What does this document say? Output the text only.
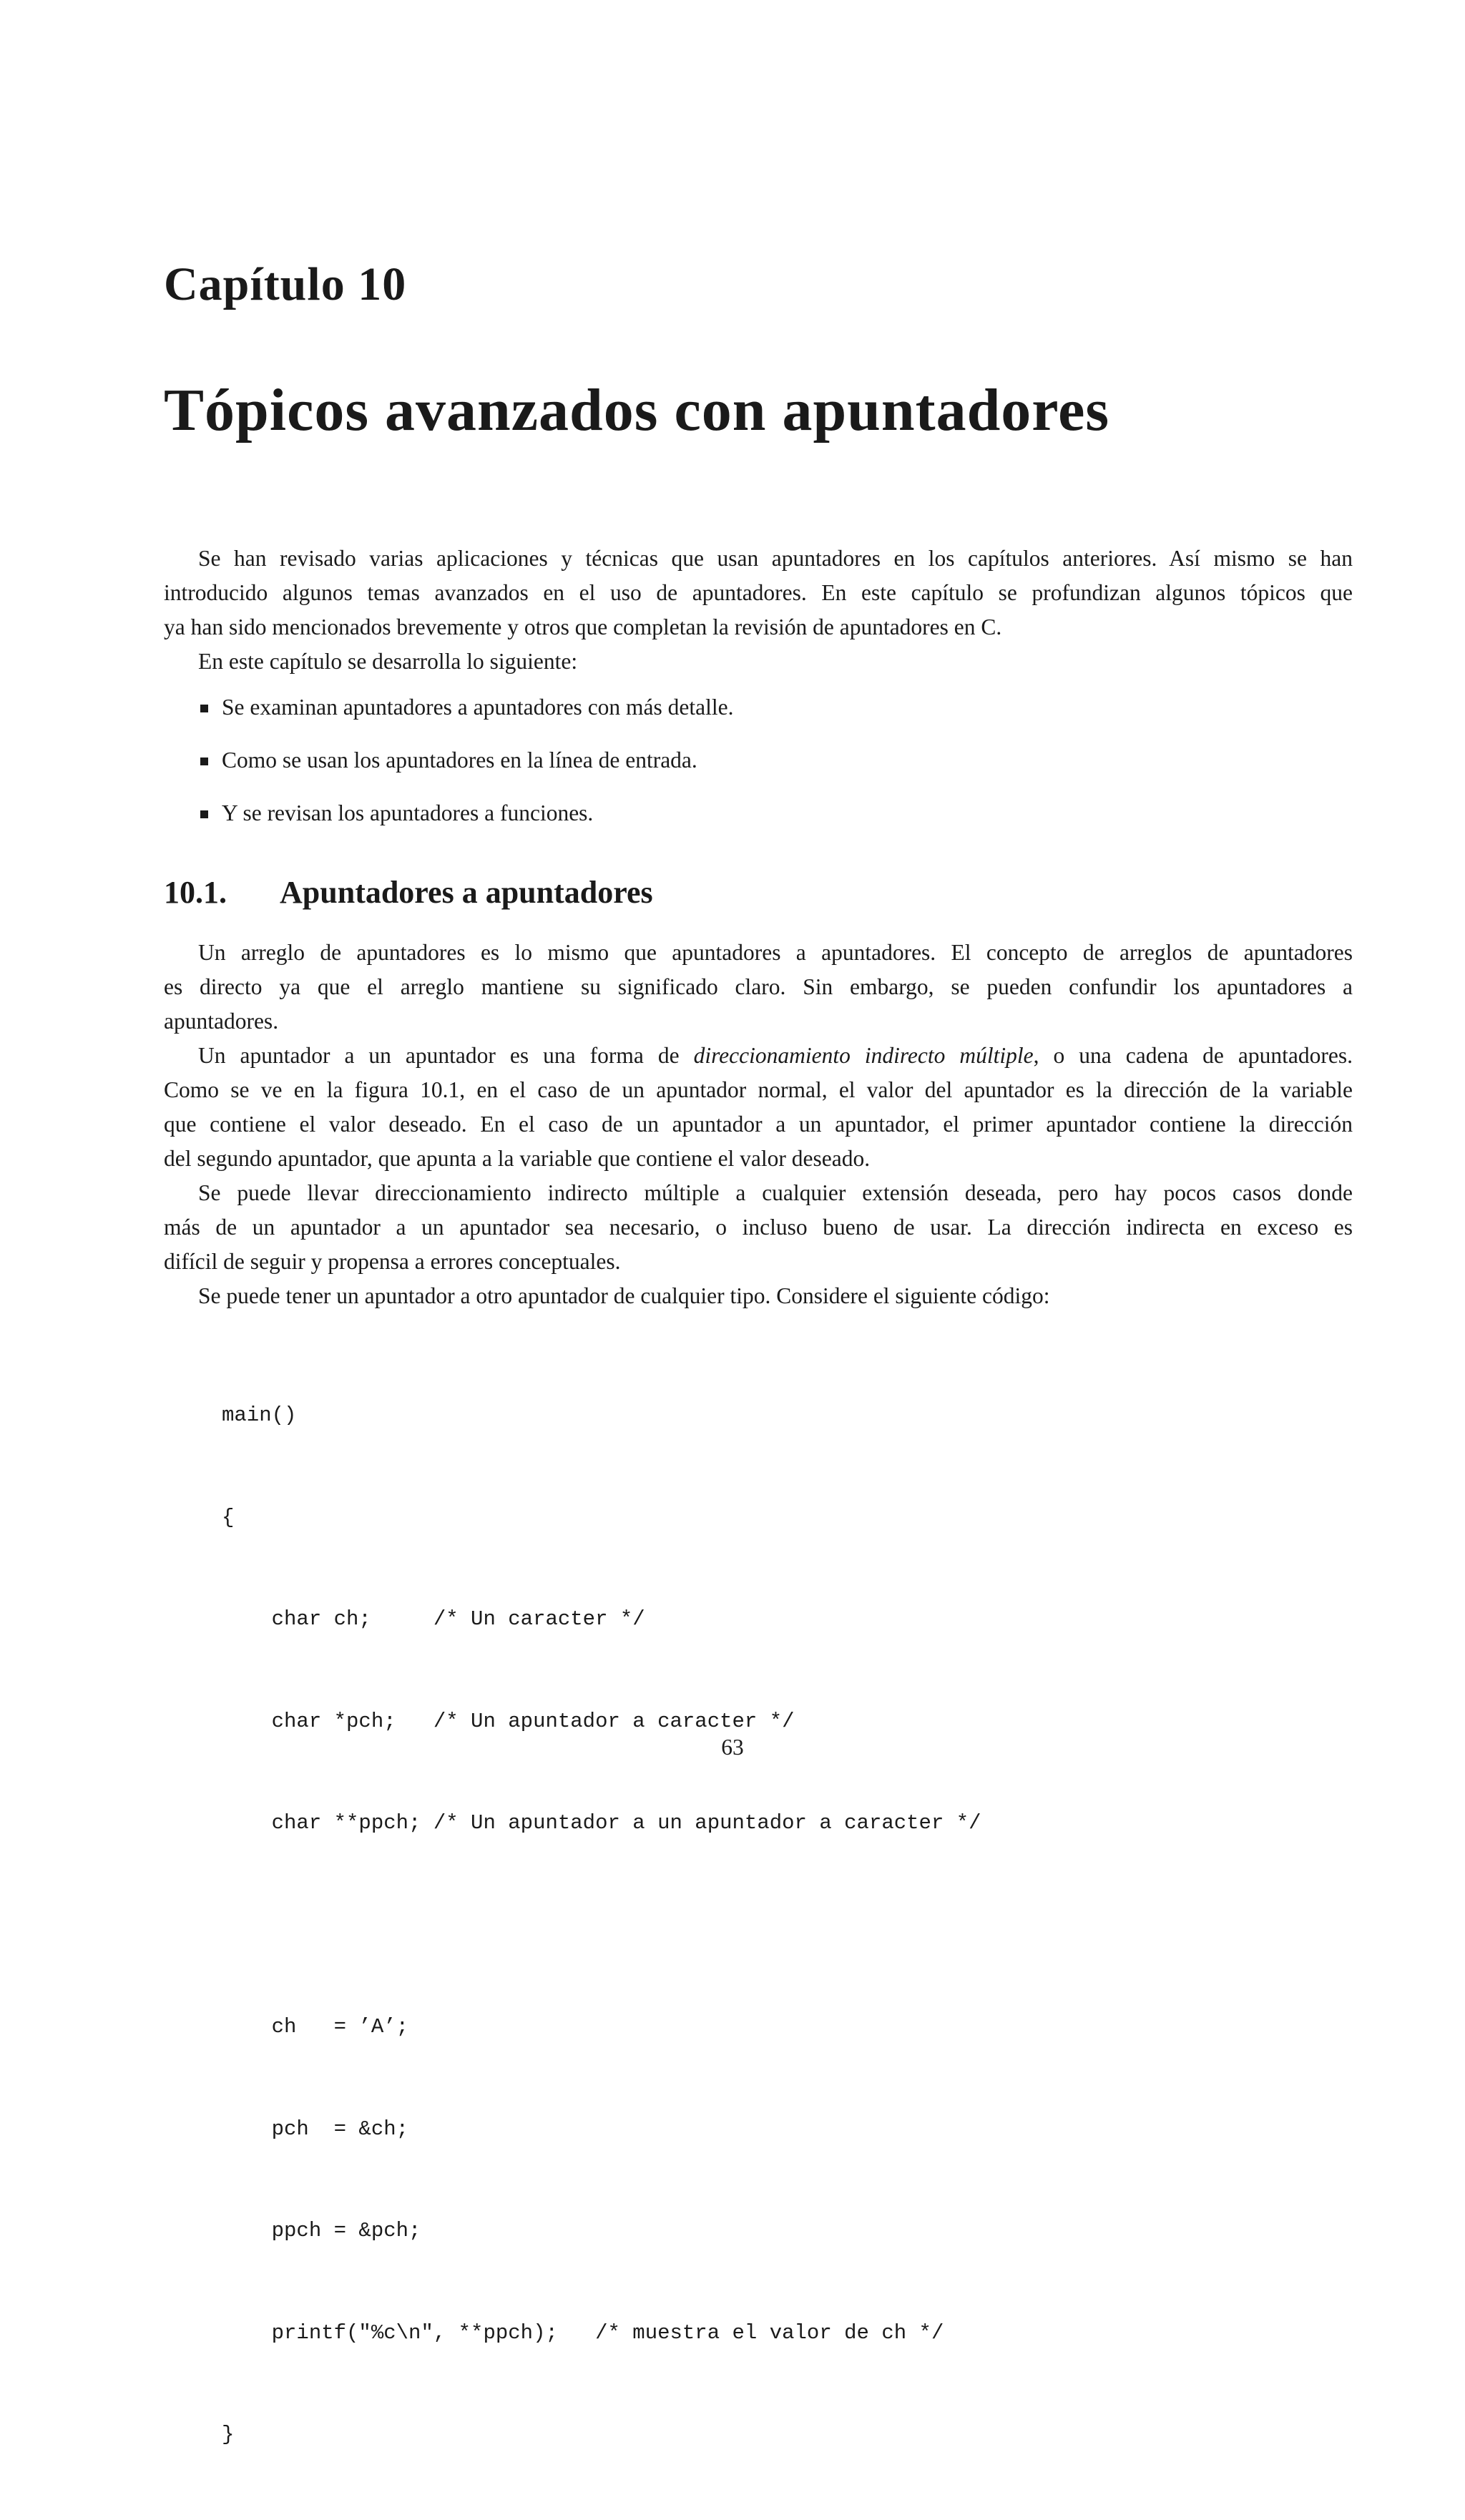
Capítulo 10
Tópicos avanzados con apuntadores
Se han revisado varias aplicaciones y técnicas que usan apuntadores en los capítulos anteriores. Así mismo se han
introducido algunos temas avanzados en el uso de apuntadores. En este capítulo se profundizan algunos tópicos que
ya han sido mencionados brevemente y otros que completan la revisión de apuntadores en C.
En este capítulo se desarrolla lo siguiente:
Se examinan apuntadores a apuntadores con más detalle.
Como se usan los apuntadores en la línea de entrada.
Y se revisan los apuntadores a funciones.
10.1. Apuntadores a apuntadores
Un arreglo de apuntadores es lo mismo que apuntadores a apuntadores. El concepto de arreglos de apuntadores
es directo ya que el arreglo mantiene su significado claro. Sin embargo, se pueden confundir los apuntadores a
apuntadores.
Un apuntador a un apuntador es una forma de direccionamiento indirecto múltiple, o una cadena de apuntadores.
Como se ve en la figura 10.1, en el caso de un apuntador normal, el valor del apuntador es la dirección de la variable
que contiene el valor deseado. En el caso de un apuntador a un apuntador, el primer apuntador contiene la dirección
del segundo apuntador, que apunta a la variable que contiene el valor deseado.
Se puede llevar direccionamiento indirecto múltiple a cualquier extensión deseada, pero hay pocos casos donde
más de un apuntador a un apuntador sea necesario, o incluso bueno de usar. La dirección indirecta en exceso es
difícil de seguir y propensa a errores conceptuales.
Se puede tener un apuntador a otro apuntador de cualquier tipo. Considere el siguiente código:

main()

{

char ch;     /* Un caracter */

char *pch;   /* Un apuntador a caracter */

char **ppch; /* Un apuntador a un apuntador a caracter */

ch   = ’A’;

pch  = &ch;

ppch = &pch;

printf("%c\n", **ppch);   /* muestra el valor de ch */

}

63
